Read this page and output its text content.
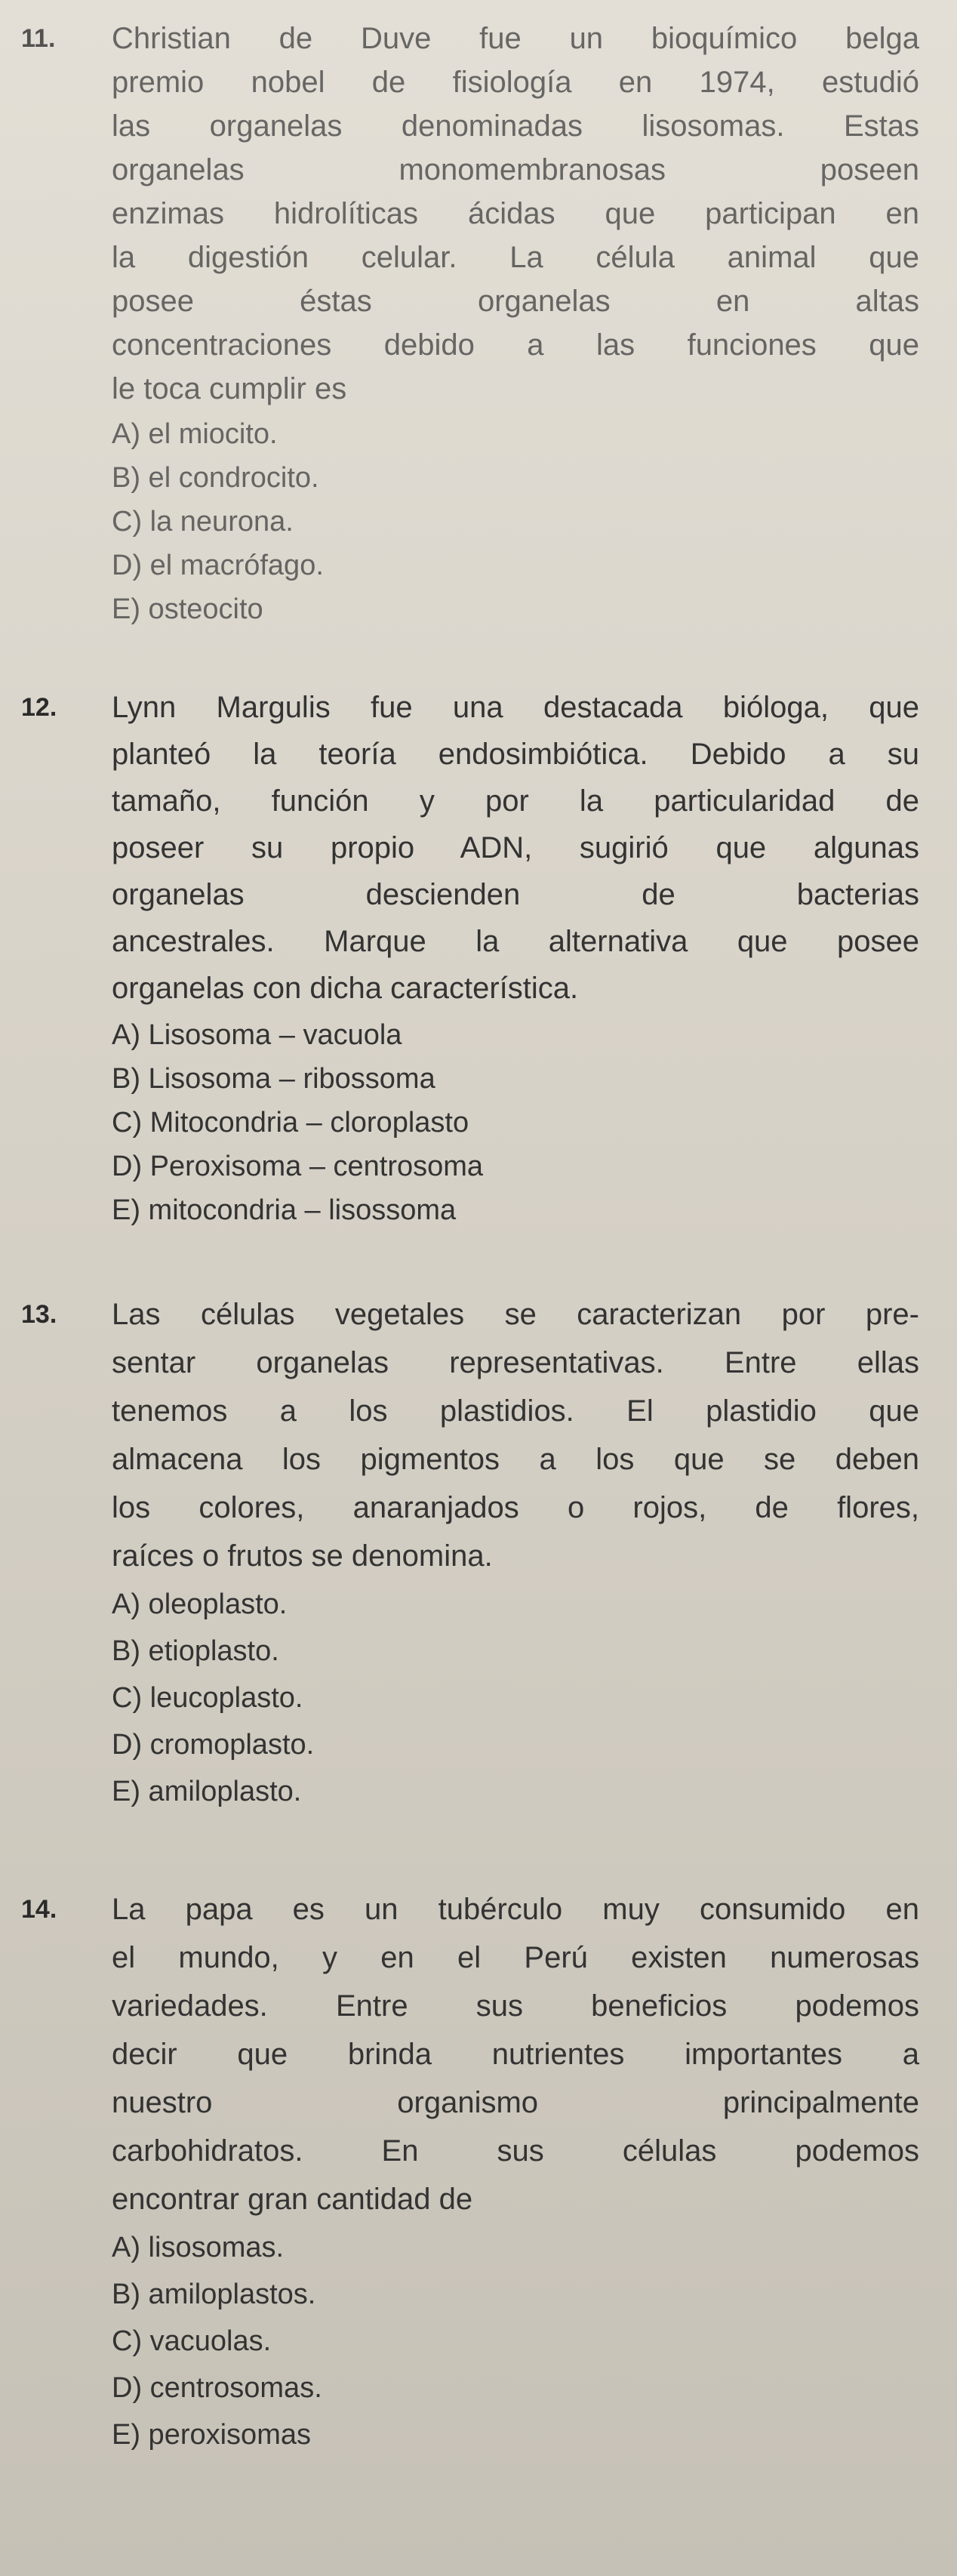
11. Christian de Duve fue un bioquímico belga
premio nobel de fisiología en 1974, estudió
las organelas denominadas lisosomas. Estas
organelas monomembranosas poseen
enzimas hidrolíticas ácidas que participan en
la digestión celular. La célula animal que
posee éstas organelas en altas
concentraciones debido a las funciones que
le toca cumplir es
A) el miocito.
B) el condrocito.
C) la neurona.
D) el macrófago.
E) osteocito
12. Lynn Margulis fue una destacada bióloga, que
planteó la teoría endosimbiótica. Debido a su
tamaño, función y por la particularidad de
poseer su propio ADN, sugirió que algunas
organelas descienden de bacterias
ancestrales. Marque la alternativa que posee
organelas con dicha característica.
A) Lisosoma – vacuola
B) Lisosoma – ribossoma
C) Mitocondria – cloroplasto
D) Peroxisoma – centrosoma
E) mitocondria – lisossoma
13. Las células vegetales se caracterizan por pre-
sentar organelas representativas. Entre ellas
tenemos a los plastidios. El plastidio que
almacena los pigmentos a los que se deben
los colores, anaranjados o rojos, de flores,
raíces o frutos se denomina.
A) oleoplasto.
B) etioplasto.
C) leucoplasto.
D) cromoplasto.
E) amiloplasto.
14. La papa es un tubérculo muy consumido en
el mundo, y en el Perú existen numerosas
variedades. Entre sus beneficios podemos
decir que brinda nutrientes importantes a
nuestro organismo principalmente
carbohidratos. En sus células podemos
encontrar gran cantidad de
A) lisosomas.
B) amiloplastos.
C) vacuolas.
D) centrosomas.
E) peroxisomas
